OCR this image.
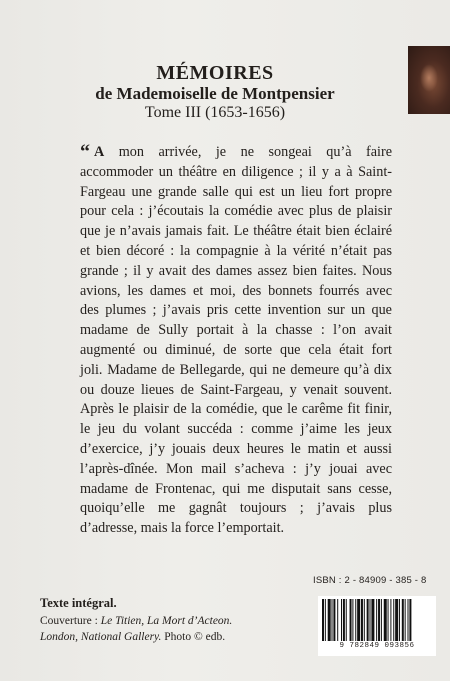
MÉMOIRES
de Mademoiselle de Montpensier
Tome III (1653-1656)
“ A mon arrivée, je ne songeai qu’à faire
accommoder un théâtre en diligence ; il y a à Saint-
Fargeau une grande salle qui est un lieu fort propre
pour cela : j’écoutais la comédie avec plus de plaisir
que je n’avais jamais fait. Le théâtre était bien éclairé
et bien décoré : la compagnie à la vérité n’était pas
grande ; il y avait des dames assez bien faites. Nous
avions, les dames et moi, des bonnets fourrés avec
des plumes ; j’avais pris cette invention sur un que
madame de Sully portait à la chasse : l’on avait
augmenté ou diminué, de sorte que cela était fort
joli. Madame de Bellegarde, qui ne demeure qu’à dix
ou douze lieues de Saint-Fargeau, y venait souvent.
Après le plaisir de la comédie, que le carême fit finir,
le jeu du volant succéda : comme j’aime les jeux
d’exercice, j’y jouais deux heures le matin et aussi
l’après-dînée. Mon mail s’acheva : j’y jouai avec
madame de Frontenac, qui me disputait sans cesse,
quoiqu’elle me gagnât toujours ; j’avais plus
d’adresse, mais la force l’emportait.
ISBN : 2 - 84909 - 385 - 8
9 782849 093856
Texte intégral.
Couverture : Le Titien, La Mort d’Acteon.
London, National Gallery. Photo © edb.
